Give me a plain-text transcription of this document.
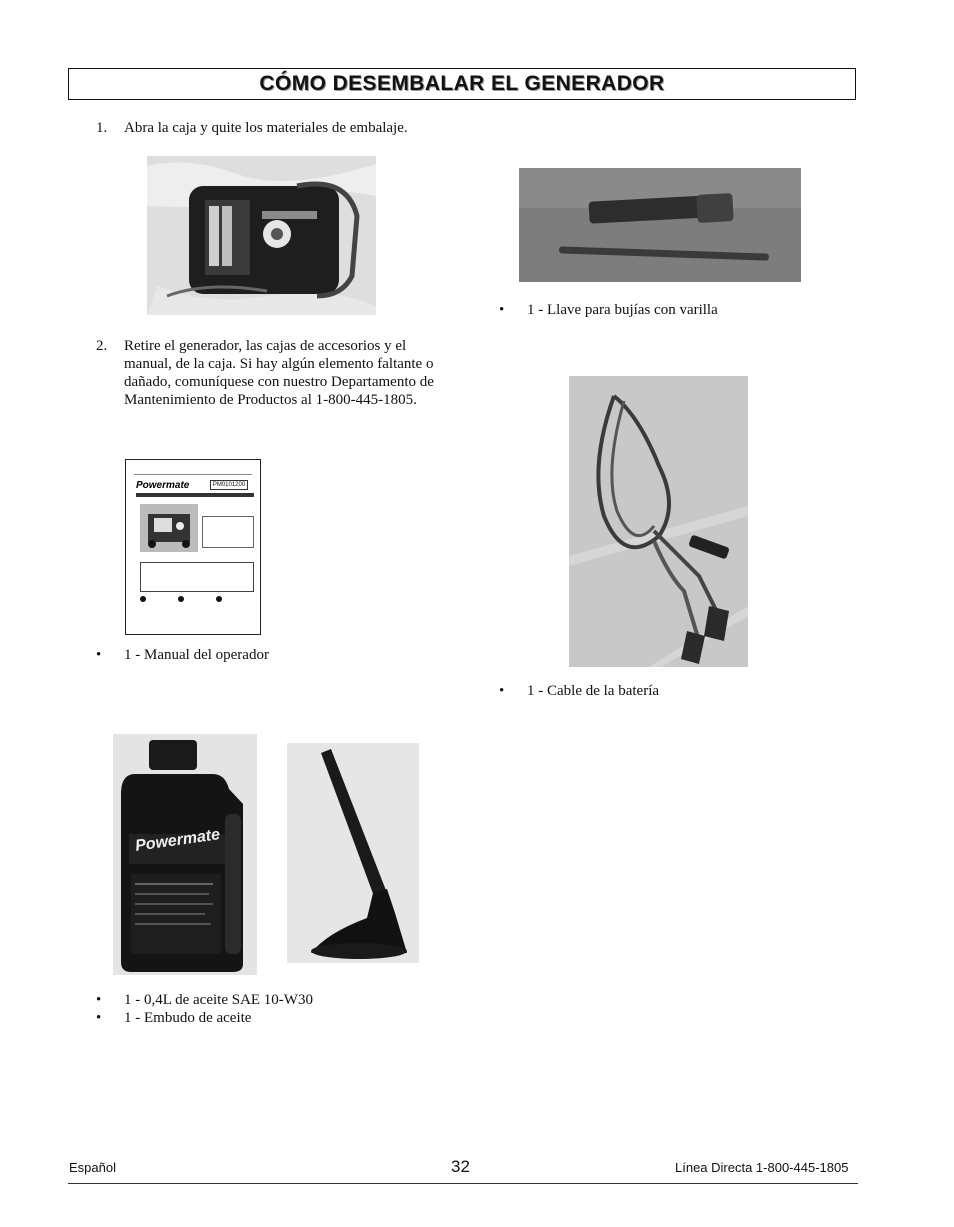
CÓMO DESEMBALAR EL GENERADOR
1.	Abra la caja y quite los materiales de embalaje.
•	1 - Llave para bujías con varilla
2.	Retire el generador, las cajas de accesorios y el
manual, de la caja. Si hay algún elemento faltante o
dañado, comuníquese con nuestro Departamento de
Mantenimiento de Productos al 1-800-445-1805.
Powermate	PM0101200
•	1 - Manual del operador
•	1 - Cable de la batería
Powermate
•	1 - 0,4L de aceite SAE 10-W30
•	1 - Embudo de aceite
Español	32	Línea Directa 1-800-445-1805
